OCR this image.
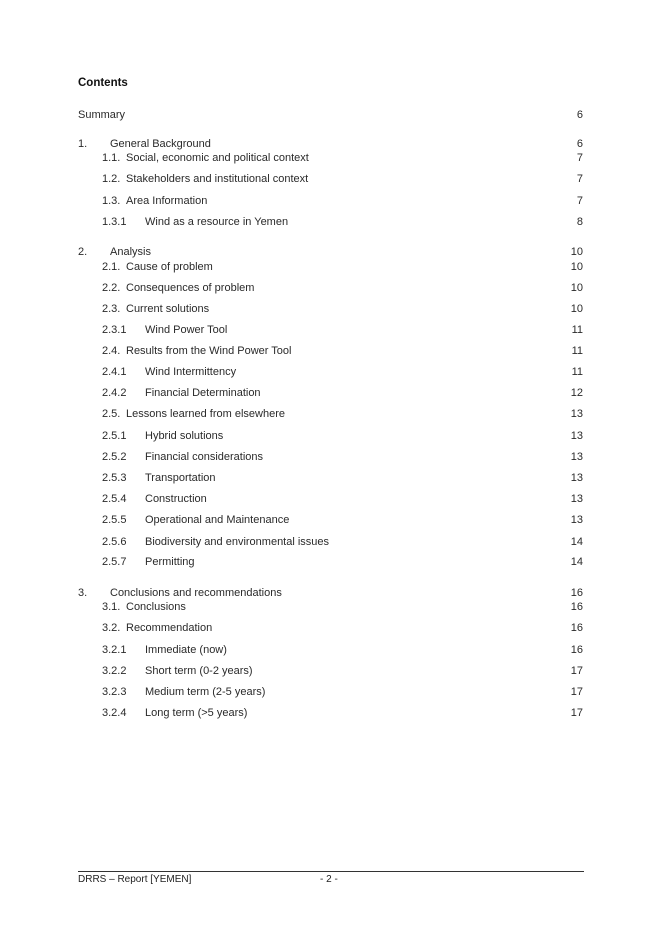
Contents
Summary	6
1. General Background	6
1.1. Social, economic and political context	7
1.2. Stakeholders and institutional context	7
1.3. Area Information	7
1.3.1 Wind as a resource in Yemen	8
2. Analysis	10
2.1. Cause of problem	10
2.2. Consequences of problem	10
2.3. Current solutions	10
2.3.1 Wind Power Tool	11
2.4. Results from the Wind Power Tool	11
2.4.1 Wind Intermittency	11
2.4.2 Financial Determination	12
2.5. Lessons learned from elsewhere	13
2.5.1 Hybrid solutions	13
2.5.2 Financial considerations	13
2.5.3 Transportation	13
2.5.4 Construction	13
2.5.5 Operational and Maintenance	13
2.5.6 Biodiversity and environmental issues	14
2.5.7 Permitting	14
3. Conclusions and recommendations	16
3.1. Conclusions	16
3.2. Recommendation	16
3.2.1 Immediate (now)	16
3.2.2 Short term (0-2 years)	17
3.2.3 Medium term (2-5 years)	17
3.2.4 Long term (>5 years)	17
DRRS – Report [YEMEN]	- 2 -
